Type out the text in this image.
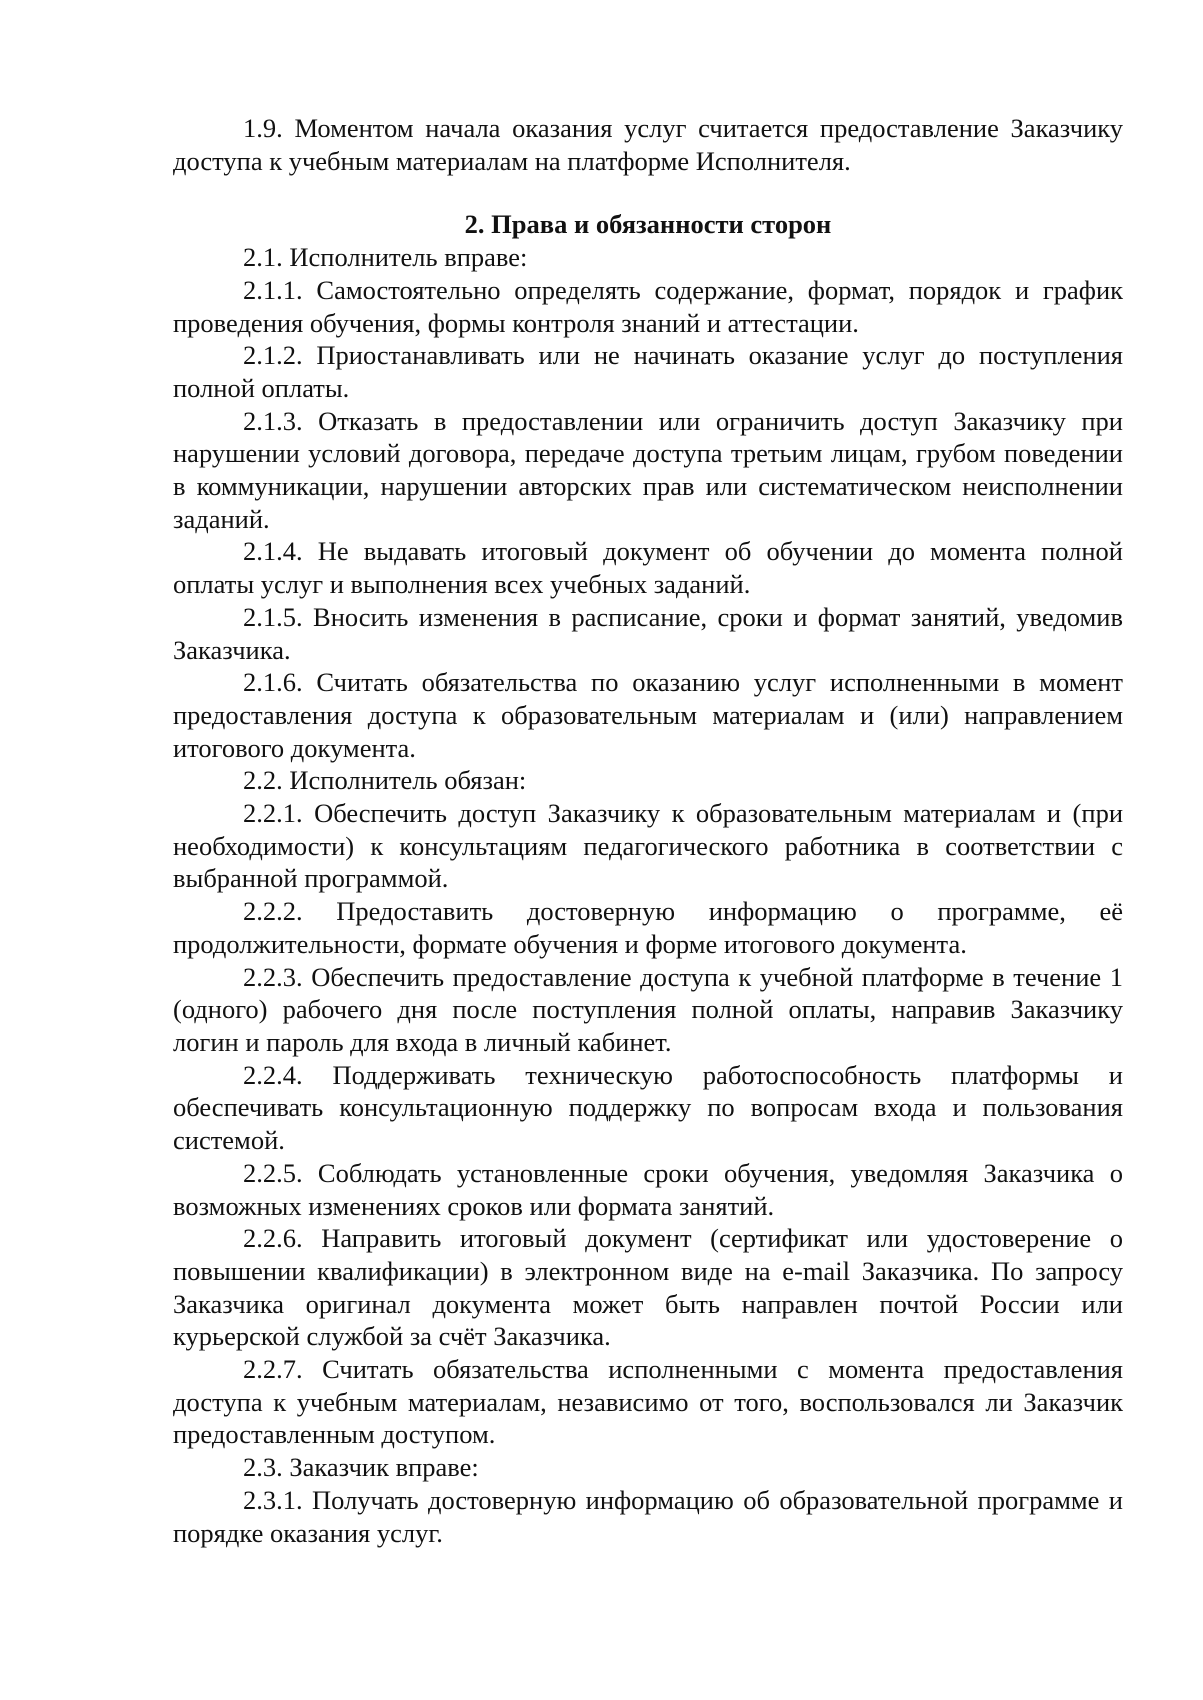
1.9. Моментом начала оказания услуг считается предоставление Заказчику доступа к учебным материалам на платформе Исполнителя.

2. Права и обязанности сторон

2.1. Исполнитель вправе:

2.1.1. Самостоятельно определять содержание, формат, порядок и график проведения обучения, формы контроля знаний и аттестации.

2.1.2. Приостанавливать или не начинать оказание услуг до поступления полной оплаты.

2.1.3. Отказать в предоставлении или ограничить доступ Заказчику при нарушении условий договора, передаче доступа третьим лицам, грубом поведении в коммуникации, нарушении авторских прав или систематическом неисполнении заданий.

2.1.4. Не выдавать итоговый документ об обучении до момента полной оплаты услуг и выполнения всех учебных заданий.

2.1.5. Вносить изменения в расписание, сроки и формат занятий, уведомив Заказчика.

2.1.6. Считать обязательства по оказанию услуг исполненными в момент предоставления доступа к образовательным материалам и (или) направлением итогового документа.

2.2. Исполнитель обязан:

2.2.1. Обеспечить доступ Заказчику к образовательным материалам и (при необходимости) к консультациям педагогического работника в соответствии с выбранной программой.

2.2.2. Предоставить достоверную информацию о программе, её продолжительности, формате обучения и форме итогового документа.

2.2.3. Обеспечить предоставление доступа к учебной платформе в течение 1 (одного) рабочего дня после поступления полной оплаты, направив Заказчику логин и пароль для входа в личный кабинет.

2.2.4. Поддерживать техническую работоспособность платформы и обеспечивать консультационную поддержку по вопросам входа и пользования системой.

2.2.5. Соблюдать установленные сроки обучения, уведомляя Заказчика о возможных изменениях сроков или формата занятий.

2.2.6. Направить итоговый документ (сертификат или удостоверение о повышении квалификации) в электронном виде на e-mail Заказчика. По запросу Заказчика оригинал документа может быть направлен почтой России или курьерской службой за счёт Заказчика.

2.2.7. Считать обязательства исполненными с момента предоставления доступа к учебным материалам, независимо от того, воспользовался ли Заказчик предоставленным доступом.

2.3. Заказчик вправе:

2.3.1. Получать достоверную информацию об образовательной программе и порядке оказания услуг.
